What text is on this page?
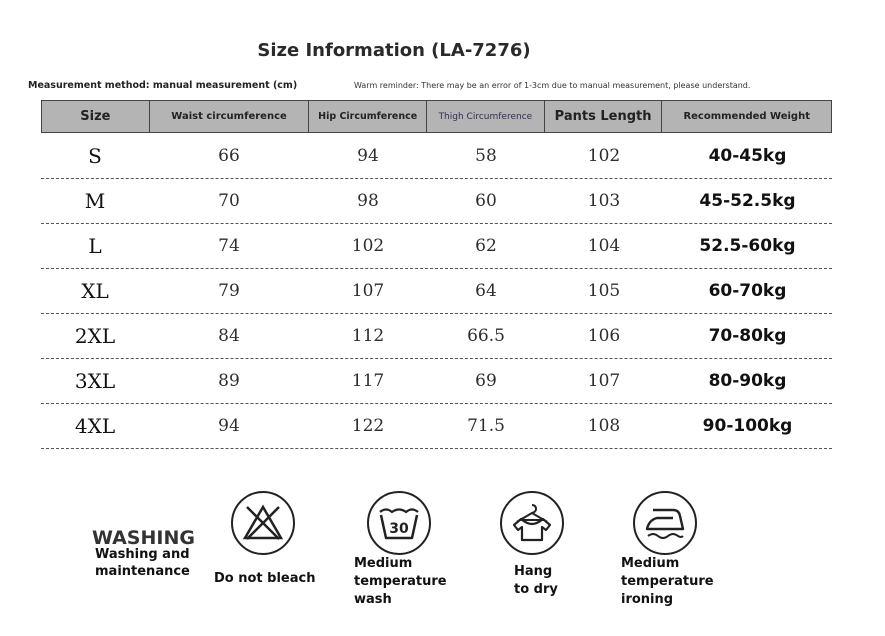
Size Information (LA-7276)
Measurement method: manual measurement (cm)	Warm reminder: There may be an error of 1-3cm due to manual measurement, please understand.
Size	Waist circumference	Hip Circumference	Thigh Circumference	Pants Length	Recommended Weight
S	66	94	58	102	40-45kg
M	70	98	60	103	45-52.5kg
L	74	102	62	104	52.5-60kg
XL	79	107	64	105	60-70kg
2XL	84	112	66.5	106	70-80kg
3XL	89	117	69	107	80-90kg
4XL	94	122	71.5	108	90-100kg
WASHING
Washing and
maintenance	Do not bleach
30
Medium
temperature
wash
Hang
to dry
Medium
temperature
ironing
